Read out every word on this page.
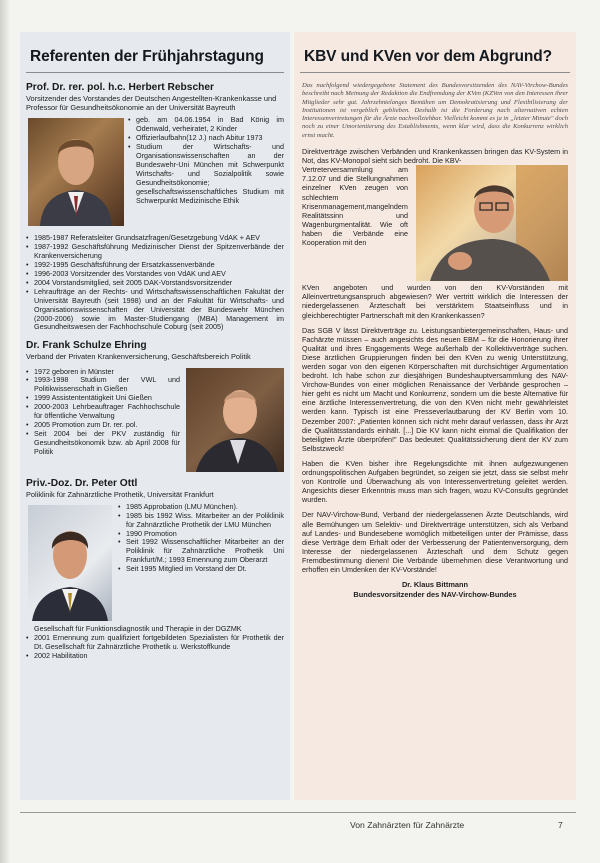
Referenten der Frühjahrstagung
Prof. Dr. rer. pol. h.c. Herbert Rebscher
Vorsitzender des Vorstandes der Deutschen Angestellten-Krankenkasse und Professor für Gesundheitsökonomie an der Universität Bayreuth
• geb. am 04.06.1954 in Bad König im Odenwald, verheiratet, 2 Kinder
• Offizierlaufbahn(12 J.) nach Abitur 1973
• Studium der Wirtschafts- und Organisationswissenschaften an der Bundeswehr-Uni München mit Schwerpunkt Wirtschafts- und Sozialpolitik sowie Gesundheitsökonomie; gesellschaftswissenschaftliches Studium mit Schwerpunkt Medizinische Ethik
• 1985-1987 Referatsleiter Grundsatzfragen/Gesetzgebung VdAK + AEV
• 1987-1992 Geschäftsführung Medizinischer Dienst der Spitzenverbände der Krankenversicherung
• 1992-1995 Geschäftsführung der Ersatzkassenverbände
• 1996-2003 Vorsitzender des Vorstandes von VdAK und AEV
• 2004 Vorstandsmitglied, seit 2005 DAK-Vorstandsvorsitzender
• Lehraufträge an der Rechts- und Wirtschaftswissenschaftlichen Fakultät der Universität Bayreuth (seit 1998) und an der Fakultät für Wirtschafts- und Organisationswissenschaften der Universität der Bundeswehr München (2000-2006) sowie im Master-Studiengang (MBA) Management im Gesundheitswesen der Fachhochschule Coburg (seit 2005)
Dr. Frank Schulze Ehring
Verband der Privaten Krankenversicherung, Geschäftsbereich Politik
• 1972 geboren in Münster
• 1993-1998 Studium der VWL und Politikwissenschaft in Gießen
• 1999 Assistententätigkeit Uni Gießen
• 2000-2003 Lehrbeauftrager Fachhochschule für öffentliche Verwaltung
• 2005 Promotion zum Dr. rer. pol.
• Seit 2004 bei der PKV zuständig für Gesundheitsökonomik bzw. ab April 2008 für Politik
Priv.-Doz. Dr. Peter Ottl
Poliklinik für Zahnärztliche Prothetik, Universität Frankfurt
• 1985 Approbation (LMU München).
• 1985 bis 1992 Wiss. Mitarbeiter an der Poliklinik für Zahnärztliche Prothetik der LMU München
• 1990 Promotion
• Seit 1992 Wissenschaftlicher Mitarbeiter an der Poliklinik für Zahnärztliche Prothetik Uni Frankfurt/M.; 1993 Ernennung zum Oberarzt
• Seit 1995 Mitglied im Vorstand der Dt.
Gesellschaft für Funktionsdiagnostik und Therapie in der DGZMK
• 2001 Ernennung zum qualifiziert fortgebildeten Spezialisten für Prothetik der Dt. Gesellschaft für Zahnärztliche Prothetik u. Werkstoffkunde
• 2002 Habilitation
KBV und KVen vor dem Abgrund?

Das nachfolgend wiedergegebene Statement des Bundesvorsitzenden des NAV-Virchow-Bundes beschreibt nach Meinung der Redaktion die Endfremdung der KVen (KZVen von den Interessen ihrer Mitglieder sehr gut. Jahrzehntelanges Bemühen um Demokratisierung und Flexibilisierung der Institutionen ist vergeblich geblieben. Deshalb ist die Forderung nach alternativen echten Interessenvertretungen für die Ärzte nachvollziehbar. Vielleicht kommt es ja in „letzter Minute" doch noch zu einer Umorientierung des Establishments, wenn klar wird, dass die Konkurrenz wirklich ernst macht.

Direktverträge zwischen Verbänden und Krankenkassen bringen das KV-System in Not, das KV-Monopol sieht sich bedroht. Die KBV-

Vertreterversammlung am 7.12.07 und die Stellungnahmen einzelner KVen zeugen von schlechtem Krisenmanagement,mangelndem Realitätssinn und Wagenburgmentalität. Wie oft haben die Verbände eine Kooperation mit den

KVen angeboten und wurden von den KV-Vorständen mit Alleinvertretungsanspruch abgewiesen? Wer vertritt wirklich die Interessen der niedergelassenen Ärzteschaft bei verstärktem Staatseinfluss und in gleichberechtigter Partnerschaft mit den Krankenkassen?

Das SGB V lässt Direktverträge zu. Leistungsanbietergemeinschaften, Haus- und Fachärzte müssen – auch angesichts des neuen EBM – für die Honorierung ihrer Qualität und ihres Engagements Wege außerhalb der Kollektivverträge suchen. Diese ärztlichen Gruppierungen finden bei den KVen zu wenig Unterstützung, werden sogar von den eigenen Körperschaften mit durchsichtiger Argumentation bedroht. Ich habe schon zur diesjährigen Bundeshauptversammlung des NAV-Virchow-Bundes von einer möglichen Renaissance der Verbände gesprochen – hier geht es nicht um Macht und Konkurrenz, sondern um die beste Alternative für eine ärztliche Interessenvertretung, die von den KVen nicht mehr gewährleistet werden kann. Typisch ist eine Presseverlautbarung der KV Berlin vom 10. Dezember 2007: „Patienten können sich nicht mehr darauf verlassen, dass ihr Arzt die Qualitätsstandards einhält. [...] Die KV kann nicht einmal die Qualifikation der beteiligten Ärzte überprüfen!" Das bedeutet: Qualitätssicherung dient der KV zum Selbstzweck!

Haben die KVen bisher ihre Regelungsdichte mit ihnen aufgezwungenen ordnungspolitischen Aufgaben begründet, so zeigen sie jetzt, dass sie selbst mehr von Kontrolle und Überwachung als von Interessenvertretung geleitet werden. Angesichts dieser Erkenntnis muss man sich fragen, wozu KV-Consults gegründet wurden.

Der NAV-Virchow-Bund, Verband der niedergelassenen Ärzte Deutschlands, wird alle Bemühungen um Selektiv- und Direktverträge unterstützen, sich als Verband auf Landes- und Bundesebene womöglich mitbeteiligen unter der Prämisse, dass diese Verträge dem Erhalt oder der Verbesserung der Patientenversorgung, dem Interesse der niedergelassenen Ärzteschaft und dem Schutz gegen Fremdbestimmung dienen! Die Verbände übernehmen diese Verantwortung und erhoffen ein Umdenken der KV-Vorstände!

Dr. Klaus Bittmann
Bundesvorsitzender des NAV-Virchow-Bundes
Von Zahnärzten für Zahnärzte	7
